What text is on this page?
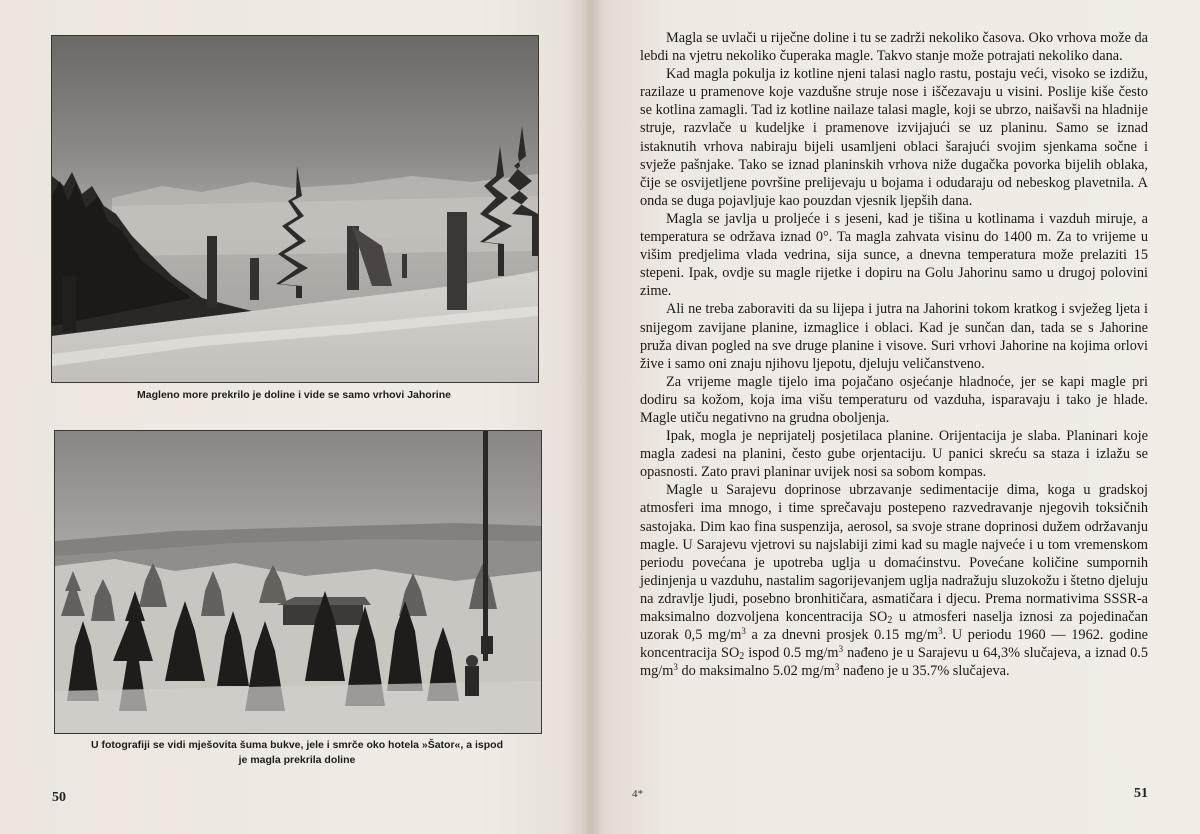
Magleno more prekrilo je doline i vide se samo vrhovi Jahorine
U fotografiji se vidi mješovita šuma bukve, jele i smrče oko hotela »Šator«, a ispod
je magla prekrila doline
50

Magla se uvlači u riječne doline i tu se zadrži nekoliko časova. Oko vrhova može da lebdi na vjetru nekoliko čuperaka magle. Takvo stanje može potrajati nekoliko dana.

Kad magla pokulja iz kotline njeni talasi naglo rastu, postaju veći, visoko se izdižu, razilaze u pramenove koje vazdušne struje nose i iščezavaju u visini. Poslije kiše često se kotlina zamagli. Tad iz kotline nailaze talasi magle, koji se ubrzo, naišavši na hladnije struje, razvlače u kudeljke i pramenove izvijajući se uz planinu. Samo se iznad istaknutih vrhova nabiraju bijeli usamljeni oblaci šarajući svojim sjenkama sočne i svježe pašnjake. Tako se iznad planinskih vrhova niže dugačka povorka bijelih oblaka, čije se osvijetljene površine prelijevaju u bojama i odudaraju od nebeskog plavetnila. A onda se duga pojavljuje kao pouzdan vjesnik ljepših dana.

Magla se javlja u proljeće i s jeseni, kad je tišina u kotlinama i vazduh miruje, a temperatura se održava iznad 0°. Ta magla zahvata visinu do 1400 m. Za to vrijeme u višim predjelima vlada vedrina, sija sunce, a dnevna temperatura može prelaziti 15 stepeni. Ipak, ovdje su magle rijetke i dopiru na Golu Jahorinu samo u drugoj polovini zime.

Ali ne treba zaboraviti da su lijepa i jutra na Jahorini tokom kratkog i svježeg ljeta i snijegom zavijane planine, izmaglice i oblaci. Kad je sunčan dan, tada se s Jahorine pruža divan pogled na sve druge planine i visove. Suri vrhovi Jahorine na kojima orlovi žive i samo oni znaju njihovu ljepotu, djeluju veličanstveno.

Za vrijeme magle tijelo ima pojačano osjećanje hladnoće, jer se kapi magle pri dodiru sa kožom, koja ima višu temperaturu od vazduha, isparavaju i tako je hlade. Magle utiču negativno na grudna oboljenja.

Ipak, mogla je neprijatelj posjetilaca planine. Orijentacija je slaba. Planinari koje magla zadesi na planini, često gube orjentaciju. U panici skreću sa staza i izlažu se opasnosti. Zato pravi planinar uvijek nosi sa sobom kompas.

Magle u Sarajevu doprinose ubrzavanje sedimentacije dima, koga u gradskoj atmosferi ima mnogo, i time sprečavaju postepeno razvedravanje njegovih toksičnih sastojaka. Dim kao fina suspenzija, aerosol, sa svoje strane doprinosi dužem održavanju magle. U Sarajevu vjetrovi su najslabiji zimi kad su magle najveće i u tom vremenskom periodu povećana je upotreba uglja u domaćinstvu. Povećane količine sumpornih jedinjenja u vazduhu, nastalim sagorijevanjem uglja nadražuju sluzokožu i štetno djeluju na zdravlje ljudi, posebno bronhitičara, asmatičara i djecu. Prema normativima SSSR-a maksimalno dozvoljena koncentracija $SO_2$ u atmosferi naselja iznosi za pojedinačan uzorak 0,5 $mg/m^3$ a za dnevni prosjek 0.15 $mg/m^3$. U periodu 1960 — 1962. godine koncentracija $SO_2$ ispod 0.5 $mg/m^3$ nađeno je u Sarajevu u 64,3% slučajeva, a iznad 0.5 $mg/m^3$ do maksimalno 5.02 $mg/m^3$ nađeno je u 35.7% slučajeva.

4*	51
